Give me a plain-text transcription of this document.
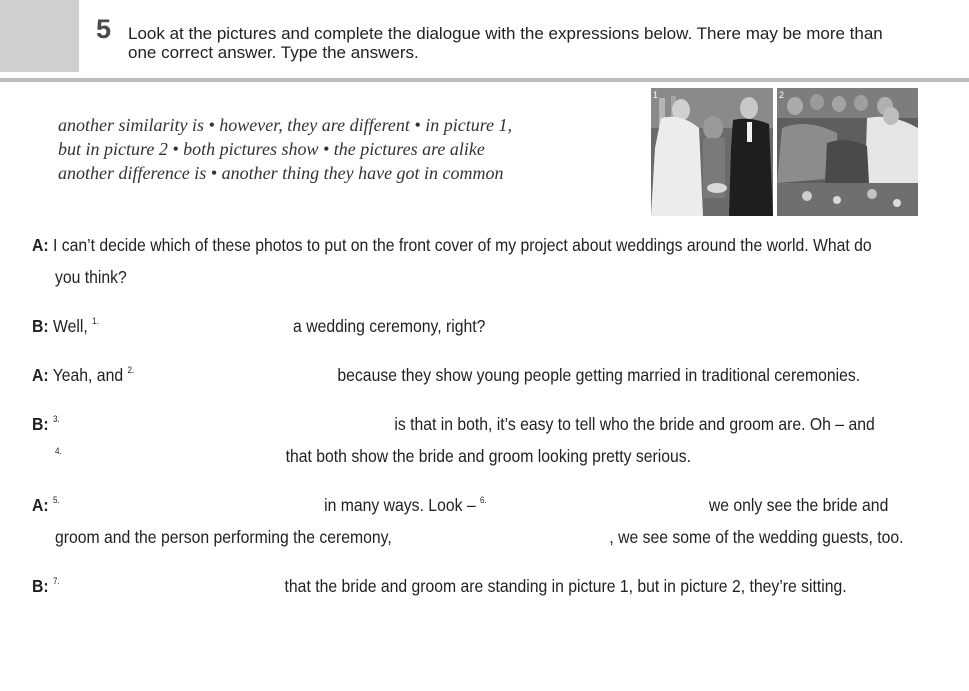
5 Look at the pictures and complete the dialogue with the expressions below. There may be more than
one correct answer. Type the answers.
another similarity is • however, they are different • in picture 1,
but in picture 2 • both pictures show • the pictures are alike
another difference is • another thing they have got in common
1	2
A: I can’t decide which of these photos to put on the front cover of my project about weddings around the world. What do
you think?
B: Well, $^{1.}$	a wedding ceremony, right?
A: Yeah, and $^{2.}$	because they show young people getting married in traditional ceremonies.
B: $^{3.}$	is that in both, it’s easy to tell who the bride and groom are. Oh – and
$^{4.}$	that both show the bride and groom looking pretty serious.
A: $^{5.}$	in many ways. Look – $^{6.}$	we only see the bride and
groom and the person performing the ceremony,	, we see some of the wedding guests, too.
B: $^{7.}$	that the bride and groom are standing in picture 1, but in picture 2, they’re sitting.
